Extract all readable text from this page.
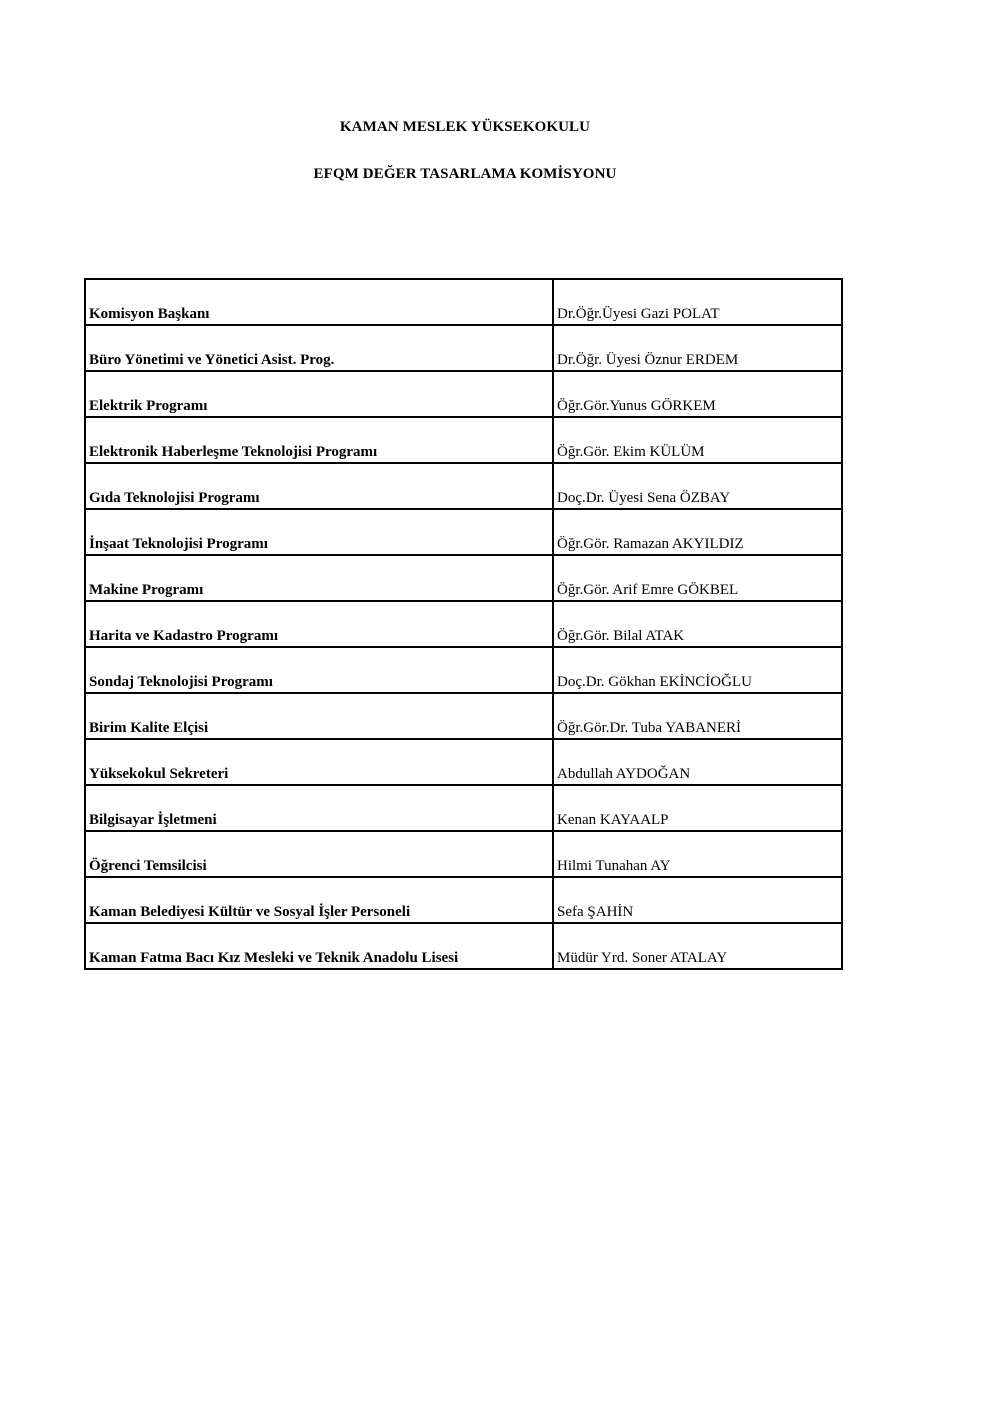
KAMAN MESLEK YÜKSEKOKULU
EFQM DEĞER TASARLAMA KOMİSYONU
Komisyon Başkanı	Dr.Öğr.Üyesi Gazi POLAT
Büro Yönetimi ve Yönetici Asist. Prog.	Dr.Öğr. Üyesi Öznur ERDEM
Elektrik Programı	Öğr.Gör.Yunus GÖRKEM
Elektronik Haberleşme Teknolojisi Programı	Öğr.Gör. Ekim KÜLÜM
Gıda Teknolojisi Programı	Doç.Dr. Üyesi Sena ÖZBAY
İnşaat Teknolojisi Programı	Öğr.Gör. Ramazan AKYILDIZ
Makine Programı	Öğr.Gör. Arif Emre GÖKBEL
Harita ve Kadastro Programı	Öğr.Gör. Bilal ATAK
Sondaj Teknolojisi Programı	Doç.Dr. Gökhan EKİNCİOĞLU
Birim Kalite Elçisi	Öğr.Gör.Dr. Tuba YABANERİ
Yüksekokul Sekreteri	Abdullah AYDOĞAN
Bilgisayar İşletmeni	Kenan KAYAALP
Öğrenci Temsilcisi	Hilmi Tunahan AY
Kaman Belediyesi Kültür ve Sosyal İşler Personeli	Sefa ŞAHİN
Kaman Fatma Bacı Kız Mesleki ve Teknik Anadolu Lisesi	Müdür Yrd. Soner ATALAY
